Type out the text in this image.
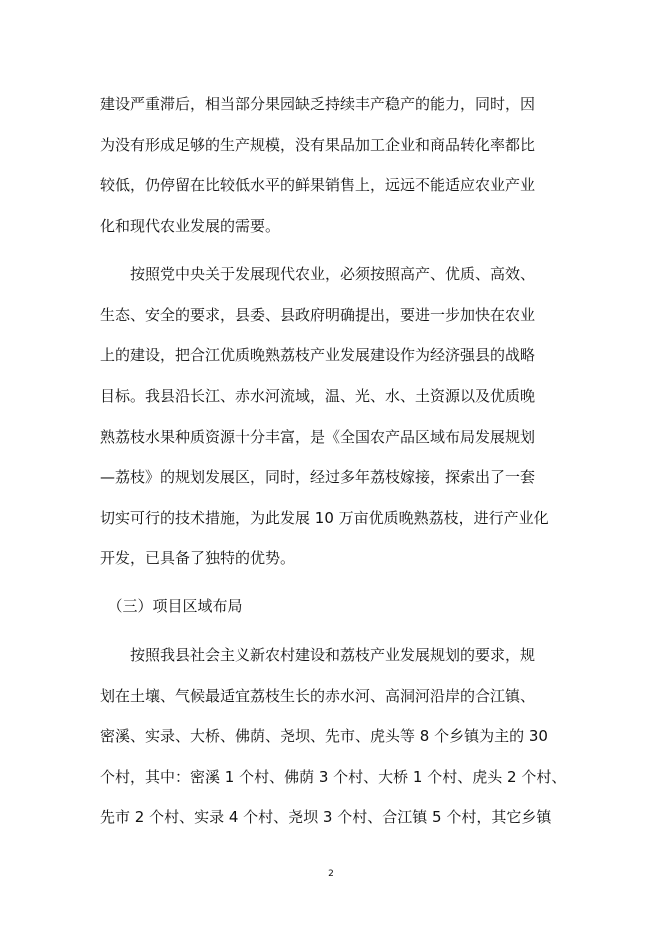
建设严重滞后，相当部分果园缺乏持续丰产稳产的能力，同时，因

为没有形成足够的生产规模，没有果品加工企业和商品转化率都比

较低，仍停留在比较低水平的鲜果销售上，远远不能适应农业产业

化和现代农业发展的需要。

　　按照党中央关于发展现代农业，必须按照高产、优质、高效、

生态、安全的要求，县委、县政府明确提出，要进一步加快在农业

上的建设，把合江优质晚熟荔枝产业发展建设作为经济强县的战略

目标。我县沿长江、赤水河流域，温、光、水、土资源以及优质晚

熟荔枝水果种质资源十分丰富，是《全国农产品区域布局发展规划

—荔枝》的规划发展区，同时，经过多年荔枝嫁接，探索出了一套

切实可行的技术措施，为此发展 10 万亩优质晚熟荔枝，进行产业化

开发，已具备了独特的优势。

　（三）项目区域布局

　　按照我县社会主义新农村建设和荔枝产业发展规划的要求，规

划在土壤、气候最适宜荔枝生长的赤水河、高洞河沿岸的合江镇、

密溪、实录、大桥、佛荫、尧坝、先市、虎头等 8 个乡镇为主的 30

个村，其中：密溪 1 个村、佛荫 3 个村、大桥 1 个村、虎头 2 个村、

先市 2 个村、实录 4 个村、尧坝 3 个村、合江镇 5 个村，其它乡镇

2
